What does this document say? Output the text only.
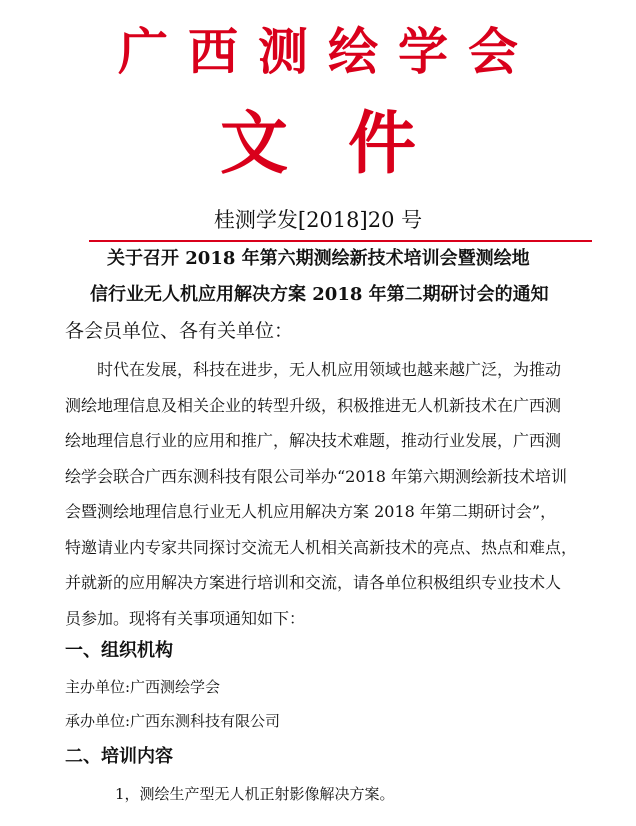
广西测绘学会
文件
桂测学发[2018]20 号
关于召开 2018 年第六期测绘新技术培训会暨测绘地
信行业无人机应用解决方案 2018 年第二期研讨会的通知
各会员单位、各有关单位：
时代在发展，科技在进步，无人机应用领域也越来越广泛，为推动
测绘地理信息及相关企业的转型升级，积极推进无人机新技术在广西测
绘地理信息行业的应用和推广，解决技术难题，推动行业发展，广西测
绘学会联合广西东测科技有限公司举办“2018 年第六期测绘新技术培训
会暨测绘地理信息行业无人机应用解决方案 2018 年第二期研讨会”，
特邀请业内专家共同探讨交流无人机相关高新技术的亮点、热点和难点，
并就新的应用解决方案进行培训和交流，请各单位积极组织专业技术人
员参加。现将有关事项通知如下：
一、组织机构
主办单位:广西测绘学会
承办单位:广西东测科技有限公司
二、培训内容
1，测绘生产型无人机正射影像解决方案。
